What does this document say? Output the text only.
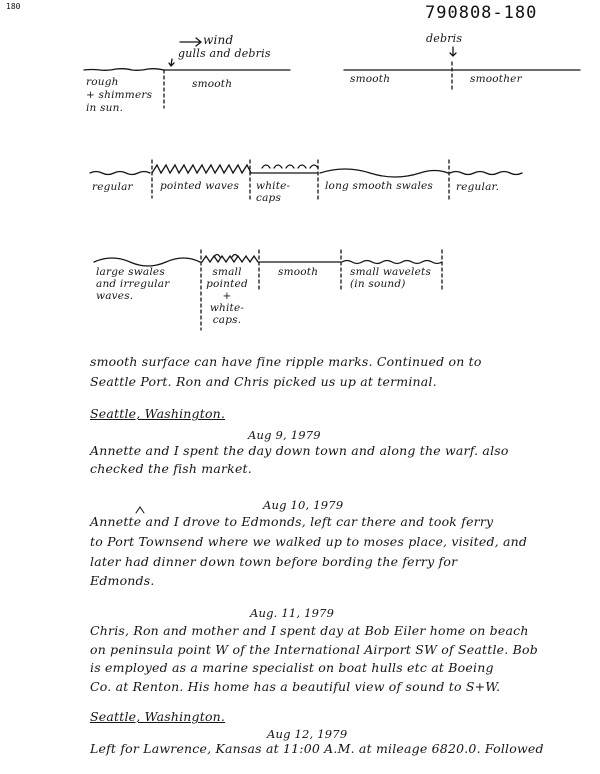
180	790808-180
wind
gulls and debris
debris
rough
+ shimmers
in sun.
smooth	smooth	smoother
regular	pointed waves white-
caps
long smooth swales regular.
large swales
and irregular
waves.
small
pointed
+
white-
caps.
smooth	small wavelets
(in sound)
smooth surface can have fine ripple marks. Continued on to
Seattle Port. Ron and Chris picked us up at terminal.
Seattle, Washington.
Aug 9, 1979
Annette and I spent the day down town and along the warf. also
checked the fish market.
Aug 10, 1979
Annette and I drove to Edmonds, left car there and took ferry
to Port Townsend where we walked up to moses place, visited, and
later had dinner down town before bording the ferry for
Edmonds.
Aug. 11, 1979
Chris, Ron and mother and I spent day at Bob Eiler home on beach
on peninsula point W of the International Airport SW of Seattle. Bob
is employed as a marine specialist on boat hulls etc at Boeing
Co. at Renton. His home has a beautiful view of sound to S+W.
Seattle, Washington.
Aug 12, 1979
Left for Lawrence, Kansas at 11:00 A.M. at mileage 6820.0. Followed
